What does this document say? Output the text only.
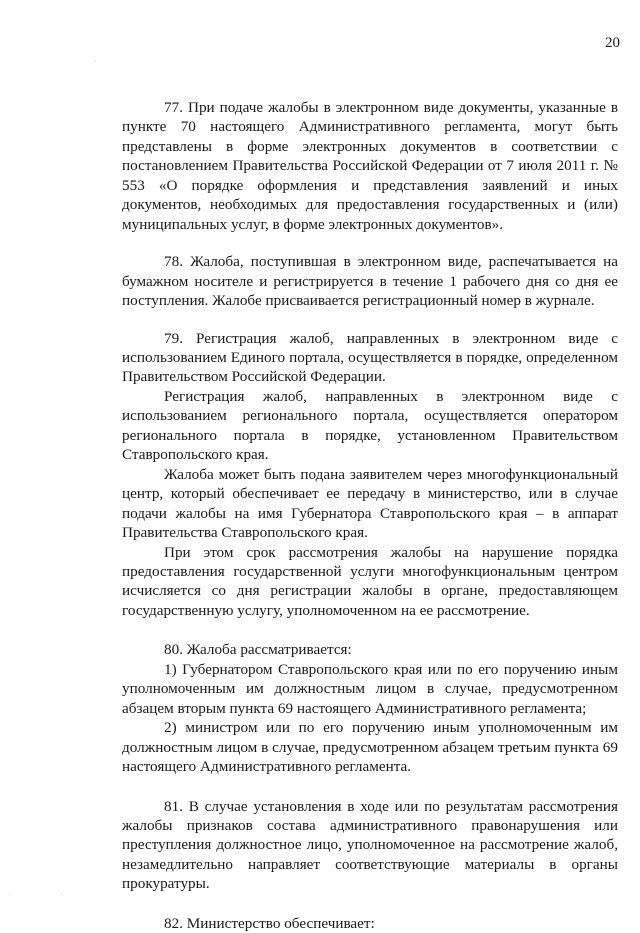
20

77. При подаче жалобы в электронном виде документы, указанные в пункте 70 настоящего Административного регламента, могут быть представлены в форме электронных документов в соответствии с постановлением Правительства Российской Федерации от 7 июля 2011 г. № 553 «О порядке оформления и представления заявлений и иных документов, необходимых для предоставления государственных и (или) муниципальных услуг, в форме электронных документов».

78. Жалоба, поступившая в электронном виде, распечатывается на бумажном носителе и регистрируется в течение 1 рабочего дня со дня ее поступления. Жалобе присваивается регистрационный номер в журнале.

79. Регистрация жалоб, направленных в электронном виде с использованием Единого портала, осуществляется в порядке, определенном Правительством Российской Федерации.

Регистрация жалоб, направленных в электронном виде с использованием регионального портала, осуществляется оператором регионального портала в порядке, установленном Правительством Ставропольского края.

Жалоба может быть подана заявителем через многофункциональный центр, который обеспечивает ее передачу в министерство, или в случае подачи жалобы на имя Губернатора Ставропольского края – в аппарат Правительства Ставропольского края.

При этом срок рассмотрения жалобы на нарушение порядка предоставления государственной услуги многофункциональным центром исчисляется со дня регистрации жалобы в органе, предоставляющем государственную услугу, уполномоченном на ее рассмотрение.

80. Жалоба рассматривается:

1) Губернатором Ставропольского края или по его поручению иным уполномоченным им должностным лицом в случае, предусмотренном абзацем вторым пункта 69 настоящего Административного регламента;

2) министром или по его поручению иным уполномоченным им должностным лицом в случае, предусмотренном абзацем третьим пункта 69 настоящего Административного регламента.

81. В случае установления в ходе или по результатам рассмотрения жалобы признаков состава административного правонарушения или преступления должностное лицо, уполномоченное на рассмотрение жалоб, незамедлительно направляет соответствующие материалы в органы прокуратуры.

82. Министерство обеспечивает:

·
·	·
